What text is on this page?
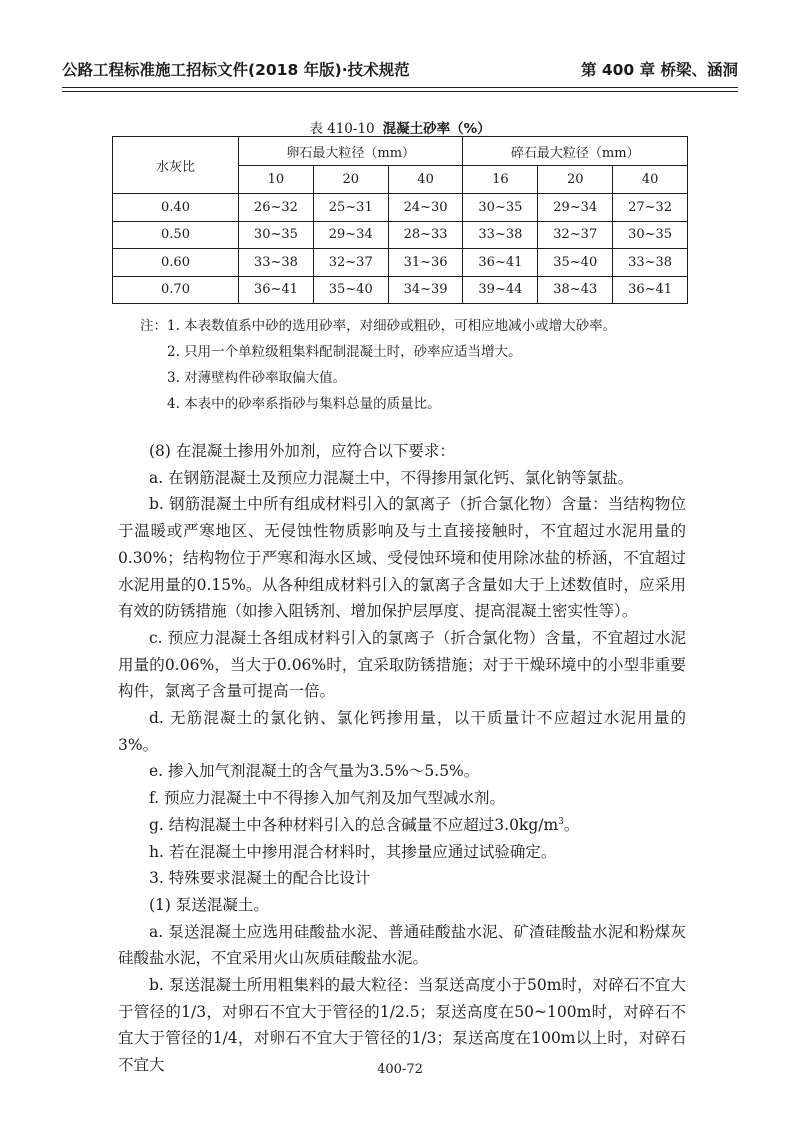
公路工程标准施工招标文件(2018 年版)·技术规范	第 400 章 桥梁、涵洞
表 410-10 混凝土砂率（%）
水灰比	卵石最大粒径（mm）			碎石最大粒径（mm）		
	10	20	40	16	20	40
0.40	26~32	25~31	24~30	30~35	29~34	27~32
0.50	30~35	29~34	28~33	33~38	32~37	30~35
0.60	33~38	32~37	31~36	36~41	35~40	33~38
0.70	36~41	35~40	34~39	39~44	38~43	36~41
注：1. 本表数值系中砂的选用砂率，对细砂或粗砂，可相应地减小或增大砂率。
2. 只用一个单粒级粗集料配制混凝土时，砂率应适当增大。
3. 对薄壁构件砂率取偏大值。
4. 本表中的砂率系指砂与集料总量的质量比。

(8) 在混凝土掺用外加剂，应符合以下要求：

a. 在钢筋混凝土及预应力混凝土中，不得掺用氯化钙、氯化钠等氯盐。

b. 钢筋混凝土中所有组成材料引入的氯离子（折合氯化物）含量：当结构物位于温暖或严寒地区、无侵蚀性物质影响及与土直接接触时，不宜超过水泥用量的0.30%；结构物位于严寒和海水区域、受侵蚀环境和使用除冰盐的桥涵，不宜超过水泥用量的0.15%。从各种组成材料引入的氯离子含量如大于上述数值时，应采用有效的防锈措施（如掺入阻锈剂、增加保护层厚度、提高混凝土密实性等）。

c. 预应力混凝土各组成材料引入的氯离子（折合氯化物）含量，不宜超过水泥用量的0.06%，当大于0.06%时，宜采取防锈措施；对于干燥环境中的小型非重要构件，氯离子含量可提高一倍。

d. 无筋混凝土的氯化钠、氯化钙掺用量，以干质量计不应超过水泥用量的3%。

e. 掺入加气剂混凝土的含气量为3.5%～5.5%。

f. 预应力混凝土中不得掺入加气剂及加气型减水剂。

g. 结构混凝土中各种材料引入的总含碱量不应超过$3.0kg/m^3$。

h. 若在混凝土中掺用混合材料时，其掺量应通过试验确定。

3. 特殊要求混凝土的配合比设计

(1) 泵送混凝土。

a. 泵送混凝土应选用硅酸盐水泥、普通硅酸盐水泥、矿渣硅酸盐水泥和粉煤灰硅酸盐水泥，不宜采用火山灰质硅酸盐水泥。

b. 泵送混凝土所用粗集料的最大粒径：当泵送高度小于50m时，对碎石不宜大于管径的1/3，对卵石不宜大于管径的1/2.5；泵送高度在50~100m时，对碎石不宜大于管径的1/4，对卵石不宜大于管径的1/3；泵送高度在100m以上时，对碎石不宜大	400-72
